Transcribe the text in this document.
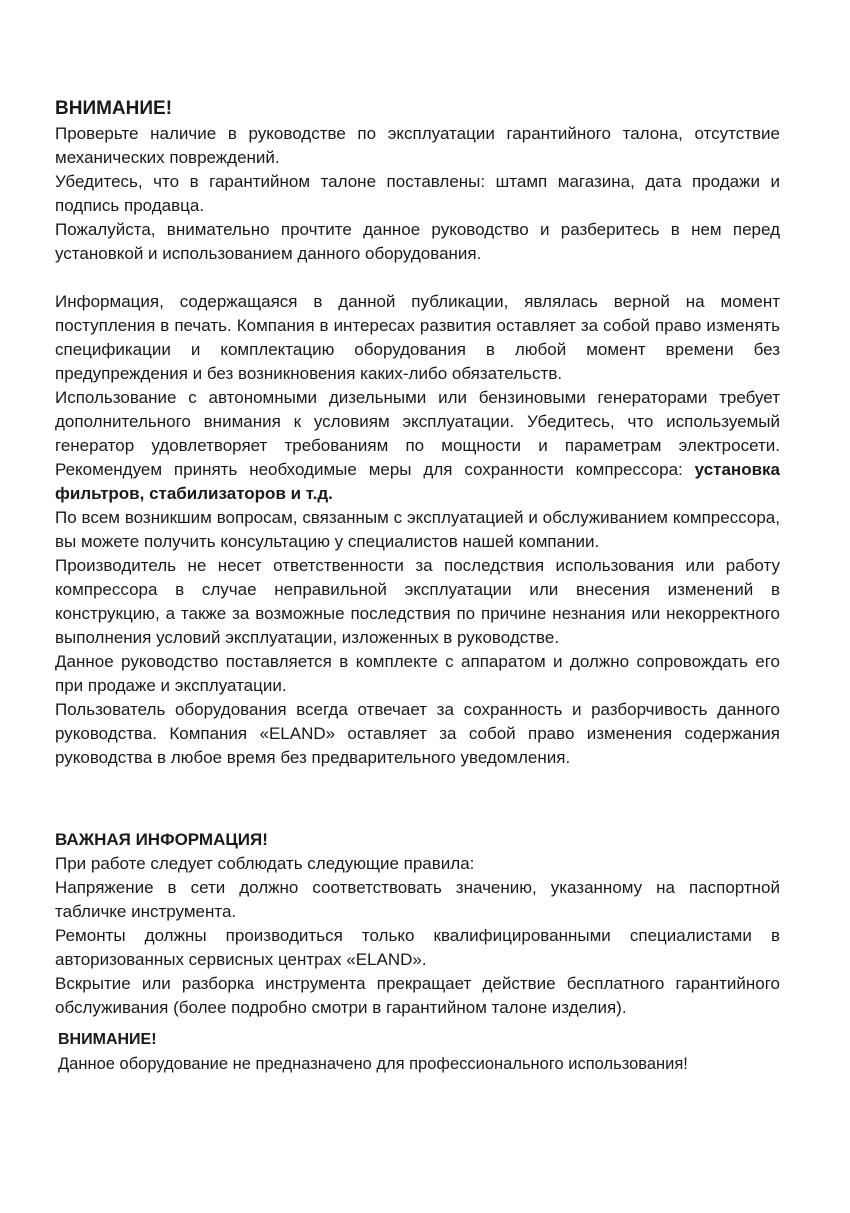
ВНИМАНИЕ!

Проверьте наличие в руководстве по эксплуатации гарантийного талона, отсутствие механических повреждений.

Убедитесь, что в гарантийном талоне поставлены: штамп магазина, дата продажи и подпись продавца.

Пожалуйста, внимательно прочтите данное руководство и разберитесь в нем перед установкой и использованием данного оборудования.

Информация, содержащаяся в данной публикации, являлась верной на момент поступления в печать. Компания в интересах развития оставляет за собой право изменять спецификации и комплектацию оборудования в любой момент времени без предупреждения и без возникновения каких-либо обязательств.

Использование с автономными дизельными или бензиновыми генераторами требует дополнительного внимания к условиям эксплуатации. Убедитесь, что используемый генератор удовлетворяет требованиям по мощности и параметрам электросети. Рекомендуем принять необходимые меры для сохранности компрессора: установка фильтров, стабилизаторов и т.д.

По всем возникшим вопросам, связанным с эксплуатацией и обслуживанием компрессора, вы можете получить консультацию у специалистов нашей компании.

Производитель не несет ответственности за последствия использования или работу компрессора в случае неправильной эксплуатации или внесения изменений в конструкцию, а также за возможные последствия по причине незнания или некорректного выполнения условий эксплуатации, изложенных в руководстве.

Данное руководство поставляется в комплекте с аппаратом и должно сопровождать его при продаже и эксплуатации.

Пользователь оборудования всегда отвечает за сохранность и разборчивость данного руководства. Компания «ELAND» оставляет за собой право изменения содержания руководства в любое время без предварительного уведомления.

ВАЖНАЯ ИНФОРМАЦИЯ!

При работе следует соблюдать следующие правила:

Напряжение в сети должно соответствовать значению, указанному на паспортной табличке инструмента.

Ремонты должны производиться только квалифицированными специалистами в авторизованных сервисных центрах «ELAND».

Вскрытие или разборка инструмента прекращает действие бесплатного гарантийного обслуживания (более подробно смотри в гарантийном талоне изделия).

ВНИМАНИЕ!

Данное оборудование не предназначено для профессионального использования!
